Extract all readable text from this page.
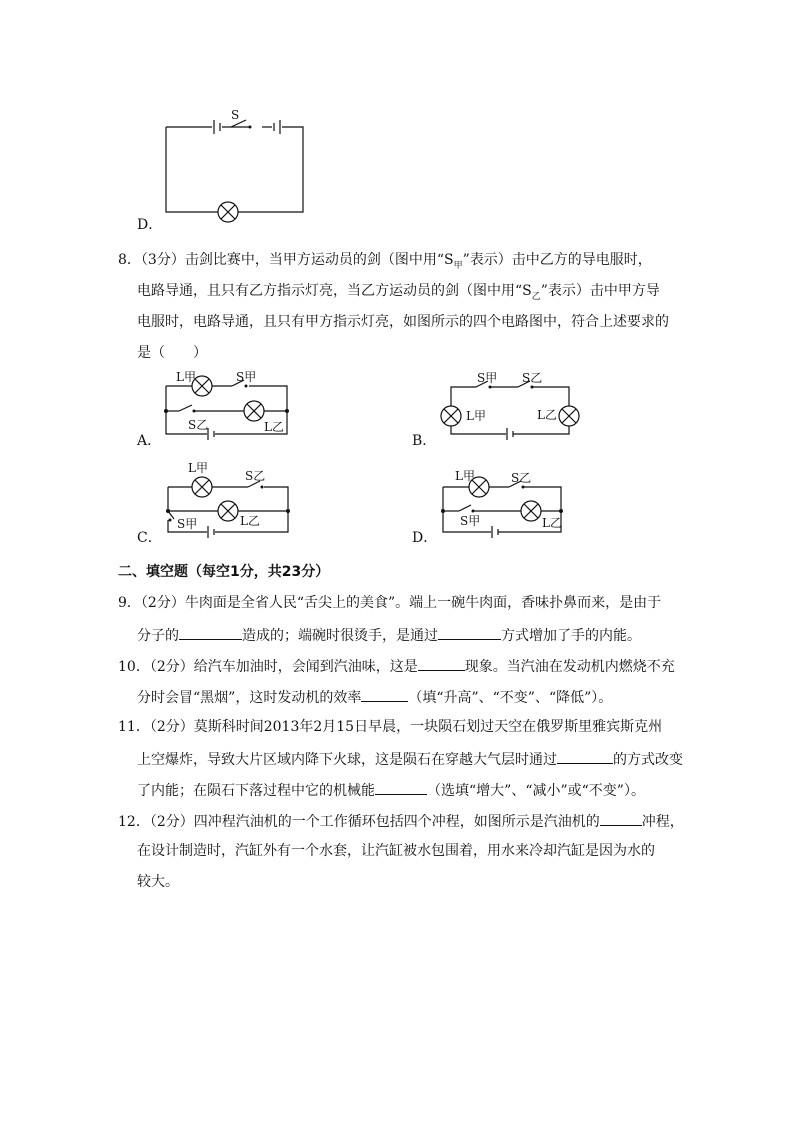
S
D．
8．（3分）击剑比赛中，当甲方运动员的剑（图中用“$S_甲$”表示）击中乙方的导电服时，
电路导通，且只有乙方指示灯亮，当乙方运动员的剑（图中用“$S_乙$”表示）击中甲方导
电服时，电路导通，且只有甲方指示灯亮，如图所示的四个电路图中，符合上述要求的
是（　　）
L甲	S甲
S乙	L乙
A．
S甲 S乙
L甲	L乙
B．
L甲
S乙
S甲	L乙
C．
L甲	S乙
S甲	L乙
D．
二、填空题（每空1分，共23分）
9．（2分）牛肉面是全省人民“舌尖上的美食”。端上一碗牛肉面，香味扑鼻而来，是由于
分子的	造成的；端碗时很烫手，是通过	方式增加了手的内能。
10．（2分）给汽车加油时，会闻到汽油味，这是	现象。当汽油在发动机内燃烧不充
分时会冒“黑烟”，这时发动机的效率	（填“升高”、“不变”、“降低”）。
11．（2分）莫斯科时间2013年2月15日早晨，一块陨石划过天空在俄罗斯里雅宾斯克州
上空爆炸，导致大片区域内降下火球，这是陨石在穿越大气层时通过	的方式改变
了内能；在陨石下落过程中它的机械能	（选填“增大”、“减小”或“不变”）。
12．（2分）四冲程汽油机的一个工作循环包括四个冲程，如图所示是汽油机的	冲程，
在设计制造时，汽缸外有一个水套，让汽缸被水包围着，用水来冷却汽缸是因为水的
较大。
